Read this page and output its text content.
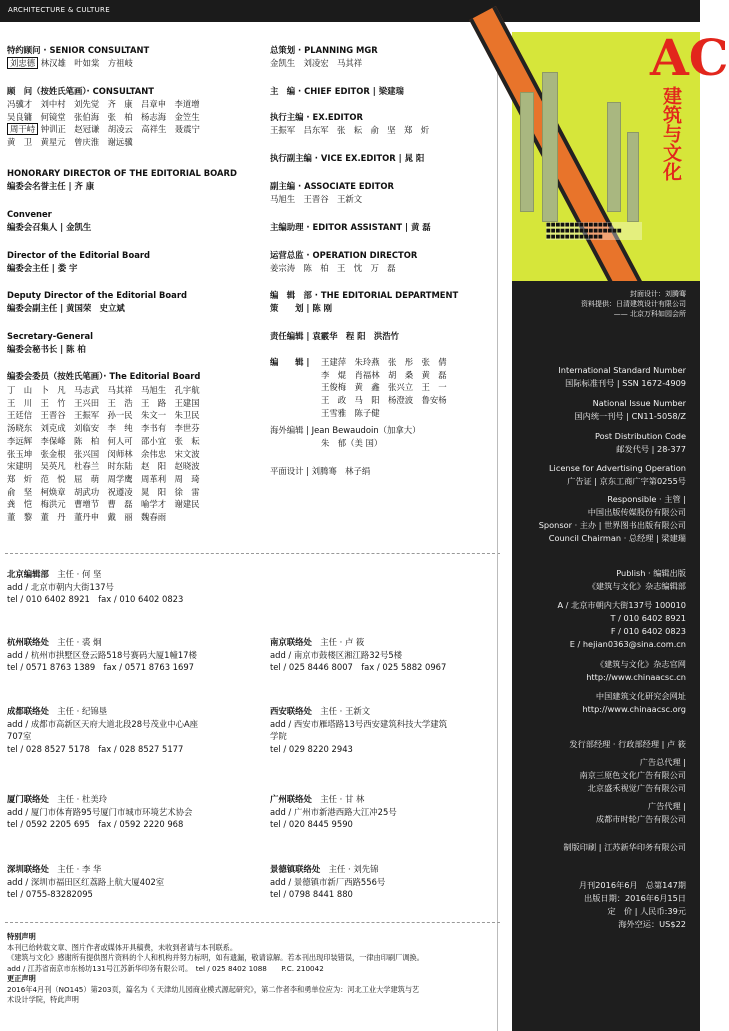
ARCHITECTURE & CULTURE
特约顾问 · SENIOR CONSULTANT
刘忠德 林汉雄　叶如棠　方祖岐
顾　问（按姓氏笔画）· CONSULTANT
冯骥才　刘中村　刘先觉　齐　康　吕章申　李道增
吴良镛　何镜堂　张伯海　张　柏　杨志海　金笠生
周干峙 钟训正　赵冠谦　胡凌云　高祥生　聂震宁
黄　卫　黄星元　曾庆淮　谢远骥
HONORARY DIRECTOR OF THE EDITORIAL BOARD
编委会名誉主任 | 齐 康
Convener
编委会召集人 | 金凯生
Director of the Editorial Board
编委会主任 | 娄 宇
Deputy Director of the Editorial Board
编委会副主任 | 黄国荣　史立斌
Secretary-General
编委会秘书长 | 陈 柏
编委会委员（按姓氏笔画）· The Editorial Board
丁　山　卜　凡　马志武　马其祥　马旭生　孔宇航
王　川　王　竹　王兴田　王　浩　王　路　王建国
王廷信　王晋谷　王振军　孙一民　朱文一　朱卫民
汤晓东　刘克成　刘临安　李　纯　李书有　李世芬
李远辉　李保峰　陈　柏　何人可　邵小宜　张　耘
张玉坤　张金根　张兴国　闵师林　余伟忠　宋文波
宋建明　吴英凡　杜春兰　时东陆　赵　阳　赵晓波
郑　炘　范　悦　屈　萌　周学鹰　周革利　周　琦
俞　坚　柯焕章　胡武功　祝遵凌　晁　阳　徐　雷
龚　恺　梅洪元　曹增节　曹　磊　喻学才　谢建民
董　黎　董　丹　董丹申　戴　丽　魏春雨
总策划 · PLANNING MGR
金凯生　刘凌宏　马其祥
主　编 · CHIEF EDITOR | 梁建瑞
执行主编 · EX.EDITOR
王振军　吕东军　张　耘　俞　坚　郑　炘
执行副主编 · VICE EX.EDITOR | 晁 阳
副主编 · ASSOCIATE EDITOR
马旭生　王晋谷　王新文
主编助理 · EDITOR ASSISTANT | 黄 磊
运营总监 · OPERATION DIRECTOR
姜宗涛　陈　柏　王　忱　万　磊
编　辑　部 · THE EDITORIAL DEPARTMENT
策　　划 | 陈 刚
责任编辑 | 袁霰华　程 阳　洪浩竹
编　　辑 | 王建萍　朱玲燕　张　彤　张　倩
李　焜　肖福林　胡　桑　黄　磊
王俊梅　黄　鑫　张兴立　王　一
王　政　马　阳　杨澄波　鲁安杨
王雪雅　陈子健
海外编辑 | Jean Bewaudoin（加拿大）
朱　郁（美 国）
平面设计 | 刘腾骞　林子绢
北京编辑部　 主任 · 何 坚
add / 北京市朝内大街137号
tel / 010 6402 8921　fax / 010 6402 0823
杭州联络处　 主任 · 裘 炯
add / 杭州市拱墅区登云路518号赛码大厦1幢17楼
tel / 0571 8763 1389　fax / 0571 8763 1697
南京联络处　 主任 · 卢 筱
add / 南京市鼓楼区湘江路32号5楼
tel / 025 8446 8007　fax / 025 5882 0967
成都联络处　 主任 · 纪锦垦
add / 成都市高新区天府大道北段28号茂业中心A座
707室
tel / 028 8527 5178　fax / 028 8527 5177
西安联络处　 主任 · 王新文
add / 西安市雁塔路13号西安建筑科技大学建筑
学院
tel / 029 8220 2943
厦门联络处　 主任 · 杜美玲
add / 厦门市体育路95号厦门市城市环境艺术协会
tel / 0592 2205 695　fax / 0592 2220 968
广州联络处　 主任 · 甘 林
add / 广州市新港西路大江冲25号
tel / 020 8445 9590
深圳联络处　 主任 · 李 华
add / 深圳市福田区红荔路上航大厦402室
tel / 0755-83282095
景德镇联络处　 主任 · 刘先锦
add / 景德镇市新厂西路556号
tel / 0798 8441 880
特别声明
本刊已给转载文章、图片作者或媒体开具稿费，未收到者请与本刊联系。
《建筑与文化》感谢所有提供图片资料的个人和机构并努力标明，如有遗漏，敬请谅解。若本刊出现印装错误，一律由印刷厂调换。
add / 江苏省南京市东杨坊131号江苏新华印务有限公司。　tel / 025 8402 1088　　P.C. 210042
更正声明
2016年4月刊（NO145）第203页，篇名为《 天津幼儿园商业模式源起研究》，第二作者李和勇单位应为：河北工业大学建筑与艺
术设计学院，特此声明
AC
建筑与文化
■■■■■■■■■■■■■■
■■■■■■■■■■■■■■■■
■■■■■■■■■■■■
封面设计：刘腾骞
资料提供：日清建筑设计有限公司
—— 北京万科如园会所
International Standard Number
国际标准刊号 | SSN 1672-4909
National Issue Number
国内统一刊号 | CN11-5058/Z
Post Distribution Code
邮发代号 | 28-377
License for Advertising Operation
广告证 | 京东工商广字第0255号
Responsible · 主管 |
中国出版传媒股份有限公司
Sponsor · 主办 | 世界图书出版有限公司
Council Chairman · 总经理 | 梁建瑞
Publish · 编辑出版
《建筑与文化》杂志编辑部
A / 北京市朝内大街137号 100010
T / 010 6402 8921
F / 010 6402 0823
E / hejian0363@sina.com.cn
《建筑与文化》杂志官网
http://www.chinaacsc.cn
中国建筑文化研究会网址
http://www.chinaacsc.org
发行部经理 · 行政部经理 | 卢 筱
广告总代理 |
南京三原色文化广告有限公司
北京盛禾视觉广告有限公司
广告代理 |
成都市时轮广告有限公司
制版印刷 | 江苏新华印务有限公司
月刊2016年6月　总第147期
出版日期：2016年6月15日
定　价 | 人民币:39元
海外空运：US$22
